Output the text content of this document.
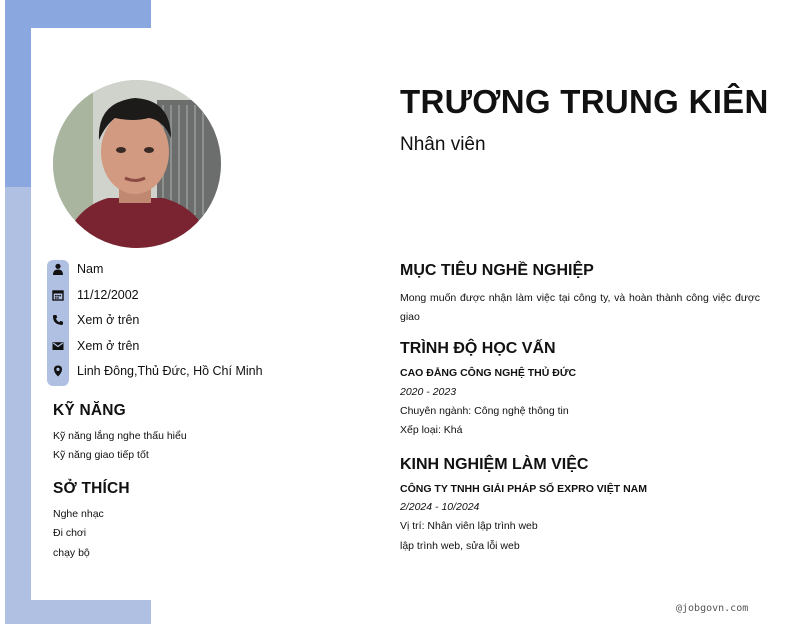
Nam
11/12/2002
Xem ở trên
Xem ở trên
Linh Đông,Thủ Đức, Hồ Chí Minh
KỸ NĂNG
Kỹ năng lắng nghe thấu hiểu
Kỹ năng giao tiếp tốt
SỞ THÍCH
Nghe nhạc
Đi chơi
chạy bộ
TRƯƠNG TRUNG KIÊN
Nhân viên
MỤC TIÊU NGHỀ NGHIỆP
Mong muốn được nhận làm việc tại công ty, và hoàn thành công việc được giao
TRÌNH ĐỘ HỌC VẤN
CAO ĐẲNG CÔNG NGHỆ THỦ ĐỨC
2020 - 2023
Chuyên ngành: Công nghệ thông tin
Xếp loại: Khá
KINH NGHIỆM LÀM VIỆC
CÔNG TY TNHH GIẢI PHÁP SỐ EXPRO VIỆT NAM
2/2024 - 10/2024
Vị trí: Nhân viên lập trình web
lập trình web, sửa lỗi web
@jobgovn.com
